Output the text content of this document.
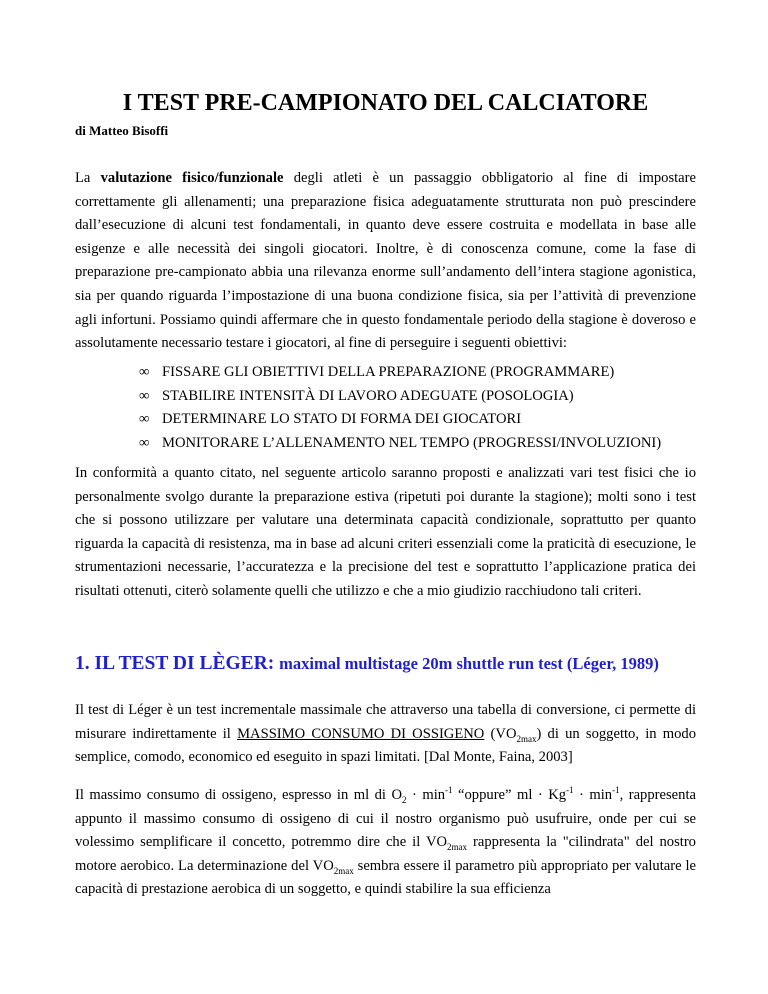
I TEST PRE-CAMPIONATO DEL CALCIATORE

di Matteo Bisoffi

La valutazione fisico/funzionale degli atleti è un passaggio obbligatorio al fine di impostare correttamente gli allenamenti; una preparazione fisica adeguatamente strutturata non può prescindere dall’esecuzione di alcuni test fondamentali, in quanto deve essere costruita e modellata in base alle esigenze e alle necessità dei singoli giocatori. Inoltre, è di conoscenza comune, come la fase di preparazione pre-campionato abbia una rilevanza enorme sull’andamento dell’intera stagione agonistica, sia per quando riguarda l’impostazione di una buona condizione fisica, sia per l’attività di prevenzione agli infortuni. Possiamo quindi affermare che in questo fondamentale periodo della stagione è doveroso e assolutamente necessario testare i giocatori, al fine di perseguire i seguenti obiettivi:

∞ FISSARE GLI OBIETTIVI DELLA PREPARAZIONE (PROGRAMMARE)
∞ STABILIRE INTENSITÀ DI LAVORO ADEGUATE (POSOLOGIA)
∞ DETERMINARE LO STATO DI FORMA DEI GIOCATORI
∞ MONITORARE L’ALLENAMENTO NEL TEMPO (PROGRESSI/INVOLUZIONI)

In conformità a quanto citato, nel seguente articolo saranno proposti e analizzati vari test fisici che io personalmente svolgo durante la preparazione estiva (ripetuti poi durante la stagione); molti sono i test che si possono utilizzare per valutare una determinata capacità condizionale, soprattutto per quanto riguarda la capacità di resistenza, ma in base ad alcuni criteri essenziali come la praticità di esecuzione, le strumentazioni necessarie, l’accuratezza e la precisione del test e soprattutto l’applicazione pratica dei risultati ottenuti, citerò solamente quelli che utilizzo e che a mio giudizio racchiudono tali criteri.

1. IL TEST DI LÈGER: maximal multistage 20m shuttle run test (Léger, 1989)

Il test di Léger è un test incrementale massimale che attraverso una tabella di conversione, ci permette di misurare indirettamente il MASSIMO CONSUMO DI OSSIGENO $(VO_{2max})$ di un soggetto, in modo semplice, comodo, economico ed eseguito in spazi limitati. [Dal Monte, Faina, 2003]

Il massimo consumo di ossigeno, espresso in ml di $O_2 \cdot \min^{-1}$ “oppure” ml · $Kg^{-1} \cdot \min^{-1}$, rappresenta appunto il massimo consumo di ossigeno di cui il nostro organismo può usufruire, onde per cui se volessimo semplificare il concetto, potremmo dire che il $VO_{2max}$ rappresenta la "cilindrata" del nostro motore aerobico. La determinazione del $VO_{2max}$ sembra essere il parametro più appropriato per valutare le capacità di prestazione aerobica di un soggetto, e quindi stabilire la sua efficienza
